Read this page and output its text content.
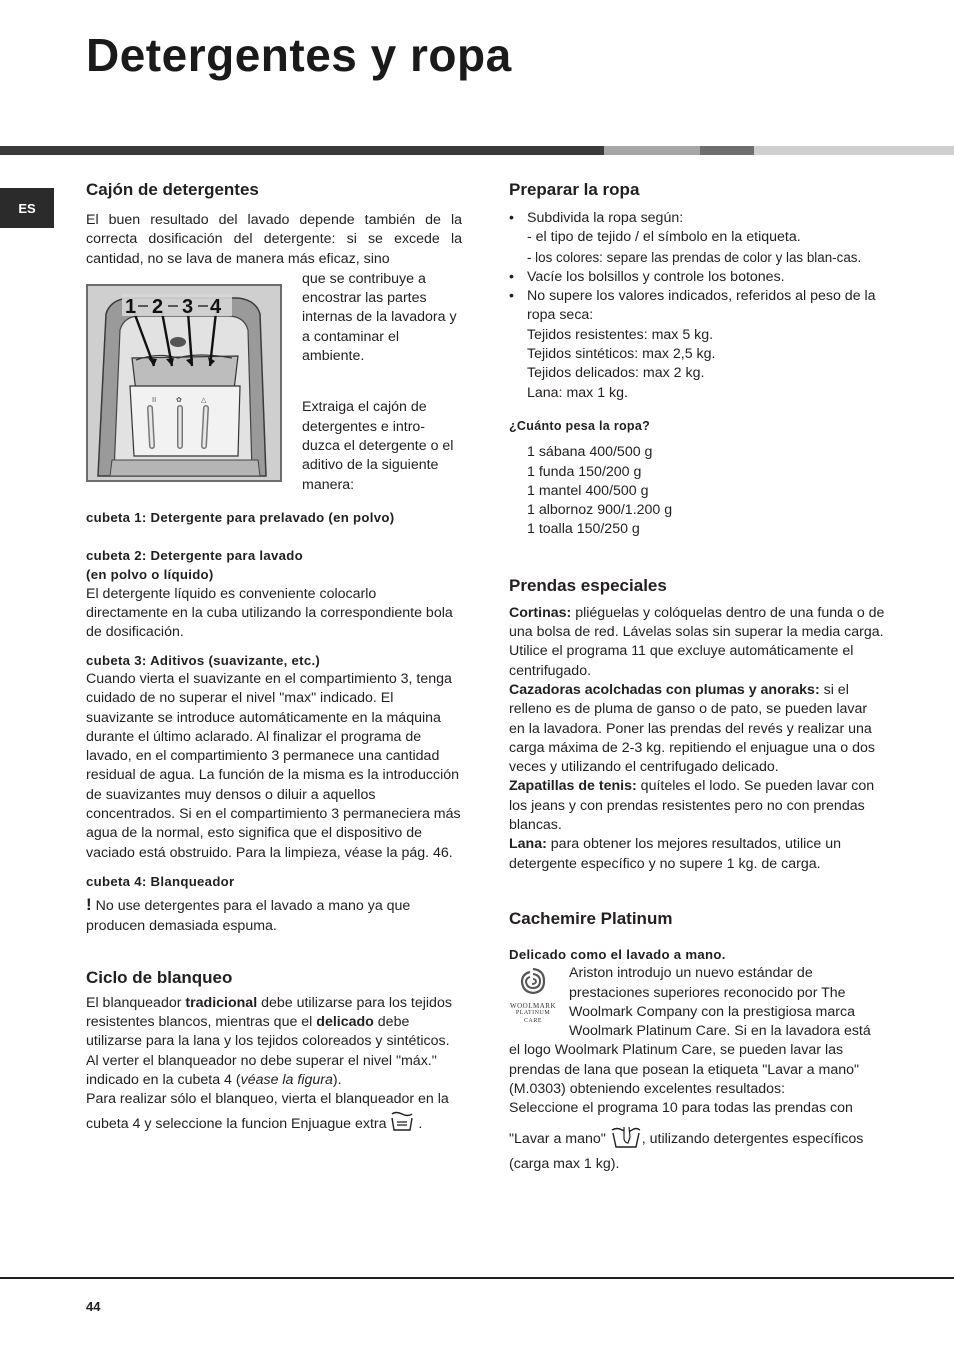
Detergentes y ropa
ES
Cajón de detergentes

El buen resultado del lavado depende también de la correcta dosificación del detergente: si se excede la cantidad, no se lava de manera más eficaz, sino

II	✿	△
1 2 3 4

que se contribuye a encostrar las partes internas de la lavadora y a contaminar el ambiente.

Extraiga el cajón de detergentes e intro-duzca el detergente o el aditivo de la siguiente manera:

cubeta 1: Detergente para prelavado (en polvo)

cubeta 2: Detergente para lavado

(en polvo o líquido)

El detergente líquido es conveniente colocarlo directamente en la cuba utilizando la correspondiente bola de dosificación.

cubeta 3: Aditivos (suavizante, etc.)

Cuando vierta el suavizante en el compartimiento 3, tenga cuidado de no superar el nivel "max" indicado. El suavizante se introduce automáticamente en la máquina durante el último aclarado. Al finalizar el programa de lavado, en el compartimiento 3 permanece una cantidad residual de agua. La función de la misma es la introducción de suavizantes muy densos o diluir a aquellos concentrados. Si en el compartimiento 3 permaneciera más agua de la normal, esto significa que el dispositivo de vaciado está obstruido. Para la limpieza, véase la pág. 46.

cubeta 4: Blanqueador

! No use detergentes para el lavado a mano ya que producen demasiada espuma.

Ciclo de blanqueo

El blanqueador tradicional debe utilizarse para los tejidos resistentes blancos, mientras que el delicado debe utilizarse para la lana y los tejidos coloreados y sintéticos.

Al verter el blanqueador no debe superar el nivel "máx." indicado en la cubeta 4 (véase la figura).

Para realizar sólo el blanqueo, vierta el blanqueador en la cubeta 4 y seleccione la funcion Enjuague extra  .

Preparar la ropa
• Subdivida la ropa según:
- el tipo de tejido / el símbolo en la etiqueta.
- los colores: separe las prendas de color y las blan-cas.
• Vacíe los bolsillos y controle los botones.
• No supere los valores indicados, referidos al peso de la ropa seca:
Tejidos resistentes: max 5 kg.
Tejidos sintéticos: max 2,5 kg.
Tejidos delicados: max 2 kg.
Lana: max 1 kg.

¿Cuánto pesa la ropa?

1 sábana 400/500 g
1 funda 150/200 g
1 mantel 400/500 g
1 albornoz 900/1.200 g
1 toalla 150/250 g
Prendas especiales

Cortinas: pliéguelas y colóquelas dentro de una funda o de una bolsa de red. Lávelas solas sin superar la media carga. Utilice el programa 11 que excluye automáticamente el centrifugado.

Cazadoras acolchadas con plumas y anoraks: si el relleno es de pluma de ganso o de pato, se pueden lavar en la lavadora. Poner las prendas del revés y realizar una carga máxima de 2-3 kg. repitiendo el enjuague una o dos veces y utilizando el centrifugado delicado.

Zapatillas de tenis: quíteles el lodo. Se pueden lavar con los jeans y con prendas resistentes pero no con prendas blancas.

Lana: para obtener los mejores resultados, utilice un detergente específico y no supere 1 kg. de carga.

Cachemire Platinum

Delicado como el lavado a mano.

WOOLMARK
PLATINUM
CARE

Ariston introdujo un nuevo estándar de prestaciones superiores reconocido por The Woolmark Company con la prestigiosa marca Woolmark Platinum Care. Si en la lavadora está el logo Woolmark Platinum Care, se pueden lavar las prendas de lana que posean la etiqueta "Lavar a mano" (M.0303) obteniendo excelentes resultados:

Seleccione el programa 10 para todas las prendas con

"Lavar a mano"	, utilizando detergentes específicos (carga max 1 kg).

44
